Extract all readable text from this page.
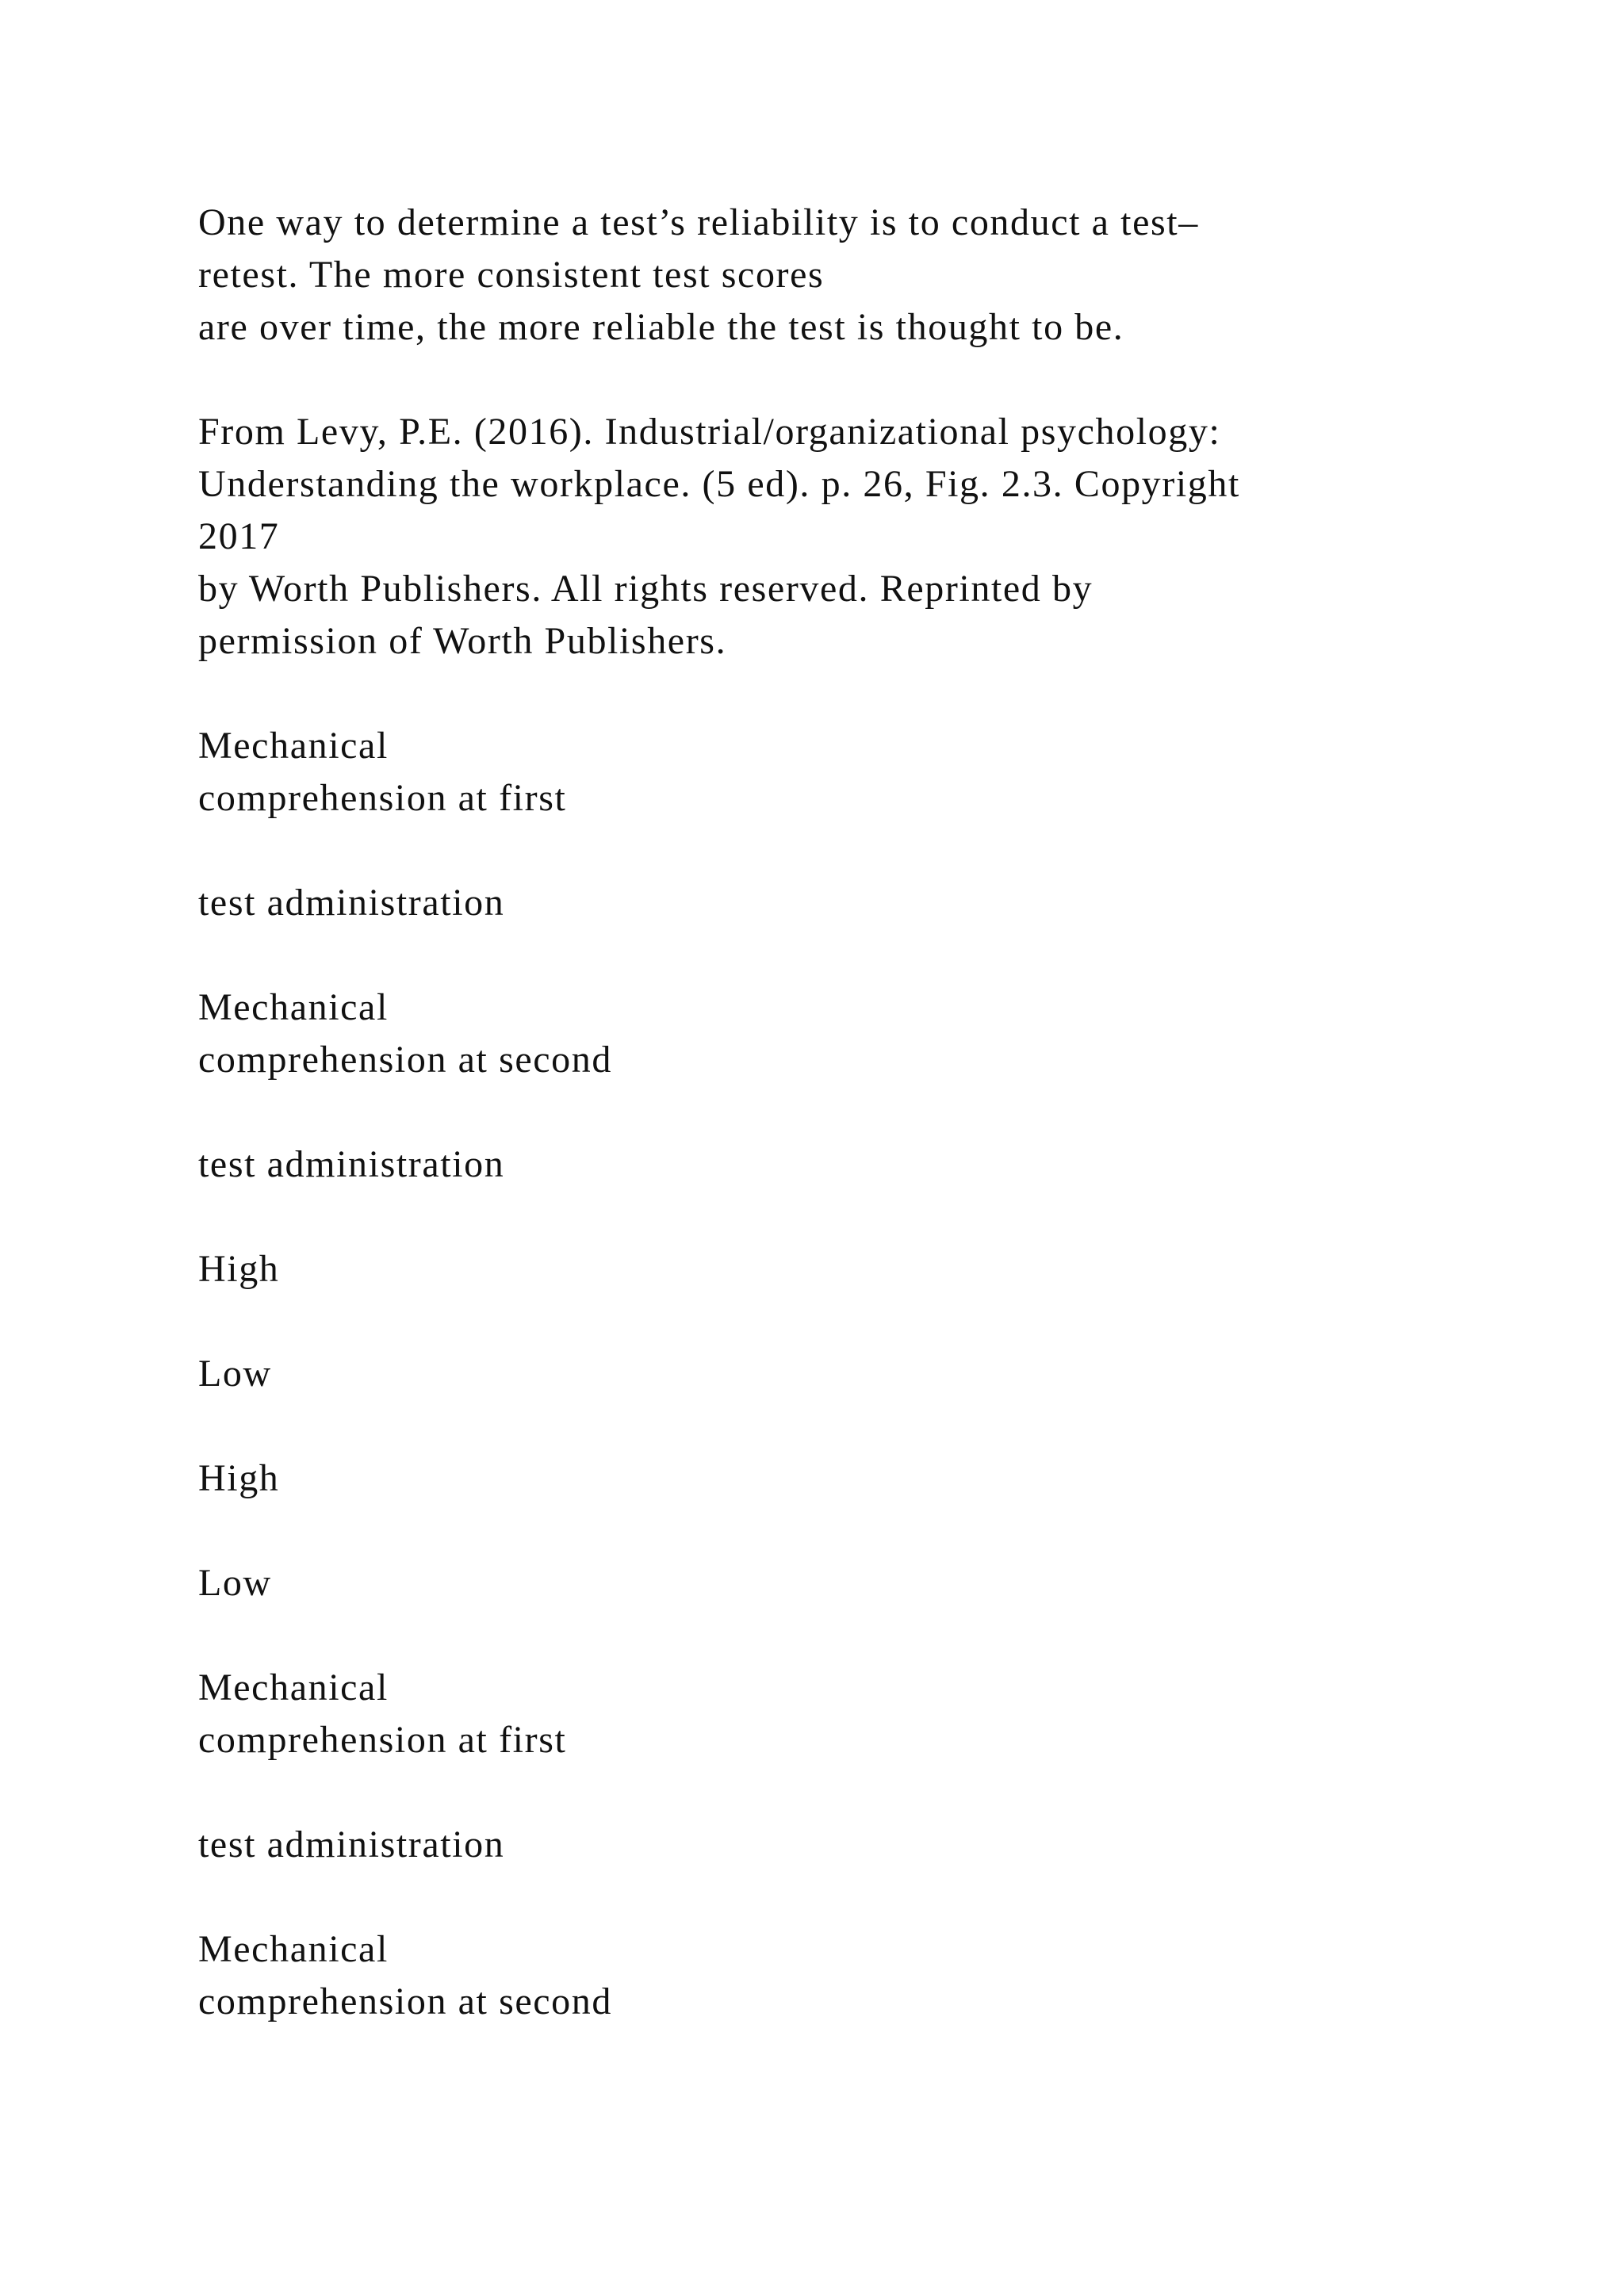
One way to determine a test’s reliability is to conduct a test–
retest. The more consistent test scores
are over time, the more reliable the test is thought to be.

From Levy, P.E. (2016). Industrial/organizational psychology:
Understanding the workplace. (5 ed). p. 26, Fig. 2.3. Copyright
2017
by Worth Publishers. All rights reserved. Reprinted by
permission of Worth Publishers.

Mechanical
comprehension at first

test administration

Mechanical
comprehension at second

test administration

High

Low

High

Low

Mechanical
comprehension at first

test administration

Mechanical
comprehension at second
